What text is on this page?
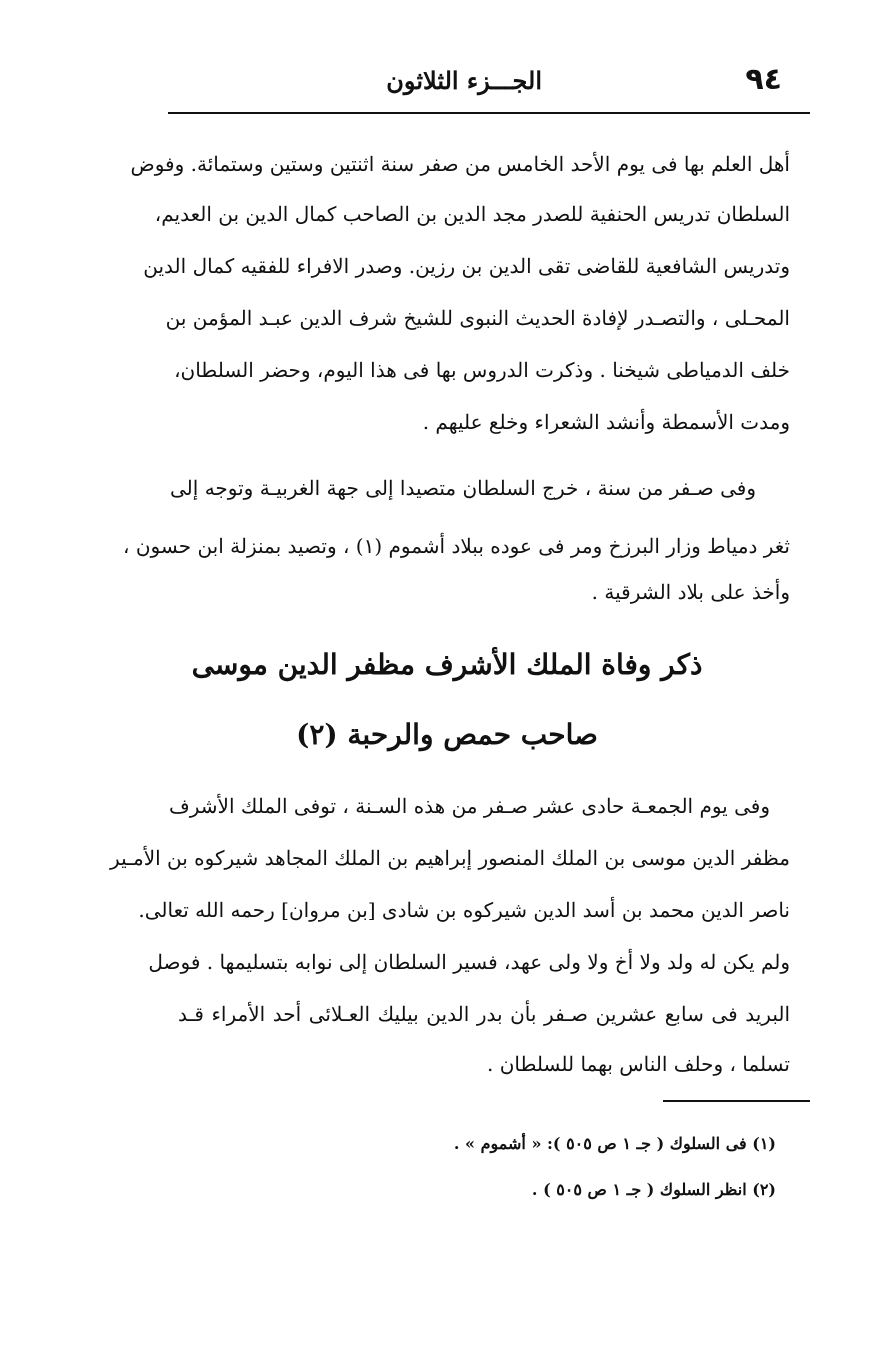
٩٤
الجـــزء الثلاثون
أهل العلم بها فى يوم الأحد الخامس من صفر سنة اثنتين وستين وستمائة. وفوض
السلطان تدريس الحنفية للصدر مجد الدين بن الصاحب كمال الدين بن العديم،
وتدريس الشافعية للقاضى تقى الدين بن رزين. وصدر الافراء للفقيه كمال الدين
المحـلى ، والتصـدر لإفادة الحديث النبوى للشيخ شرف الدين عبـد المؤمن بن
خلف الدمياطى شيخنا . وذكرت الدروس بها فى هذا اليوم، وحضر السلطان،
ومدت الأسمطة وأنشد الشعراء وخلع عليهم .
وفى صـفر من سنة ، خرج السلطان متصيدا إلى جهة الغربيـة وتوجه إلى
ثغر دمياط وزار البرزخ ومر فى عوده ببلاد أشموم (١) ، وتصيد بمنزلة ابن حسون ،
وأخذ على بلاد الشرقية .
ذكر وفاة الملك الأشرف مظفر الدين موسى
صاحب حمص والرحبة (٢)
وفى يوم الجمعـة حادى عشر صـفر من هذه السـنة ، توفى الملك الأشرف
مظفر الدين موسى بن الملك المنصور إبراهيم بن الملك المجاهد شيركوه بن الأمـير
ناصر الدين محمد بن أسد الدين شيركوه بن شادى [بن مروان] رحمه الله تعالى.
ولم يكن له ولد ولا أخ ولا ولى عهد، فسير السلطان إلى نوابه بتسليمها . فوصل
البريد فى سابع عشرين صـفر بأن بدر الدين بيليك العـلائى أحد الأمراء قـد
تسلما ، وحلف الناس بهما للسلطان .
(١) فى السلوك ( جـ ١ ص ٥٠٥ ): « أشموم » .
(٢) انظر السلوك ( جـ ١ ص ٥٠٥ ) .
